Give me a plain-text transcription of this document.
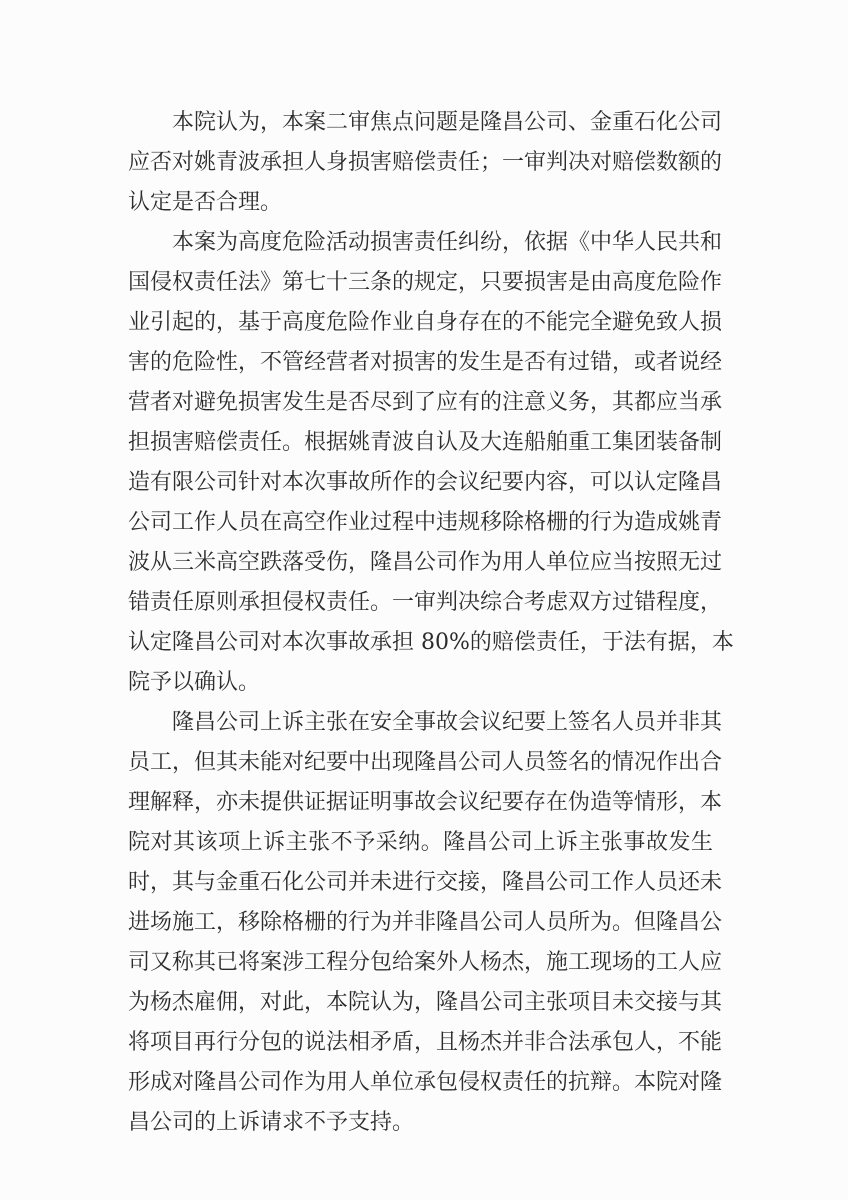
本院认为，本案二审焦点问题是隆昌公司、金重石化公司
应否对姚青波承担人身损害赔偿责任；一审判决对赔偿数额的
认定是否合理。
本案为高度危险活动损害责任纠纷，依据《中华人民共和
国侵权责任法》第七十三条的规定，只要损害是由高度危险作
业引起的，基于高度危险作业自身存在的不能完全避免致人损
害的危险性，不管经营者对损害的发生是否有过错，或者说经
营者对避免损害发生是否尽到了应有的注意义务，其都应当承
担损害赔偿责任。根据姚青波自认及大连船舶重工集团装备制
造有限公司针对本次事故所作的会议纪要内容，可以认定隆昌
公司工作人员在高空作业过程中违规移除格栅的行为造成姚青
波从三米高空跌落受伤，隆昌公司作为用人单位应当按照无过
错责任原则承担侵权责任。一审判决综合考虑双方过错程度，
认定隆昌公司对本次事故承担 80%的赔偿责任，于法有据，本
院予以确认。
隆昌公司上诉主张在安全事故会议纪要上签名人员并非其
员工，但其未能对纪要中出现隆昌公司人员签名的情况作出合
理解释，亦未提供证据证明事故会议纪要存在伪造等情形，本
院对其该项上诉主张不予采纳。隆昌公司上诉主张事故发生
时，其与金重石化公司并未进行交接，隆昌公司工作人员还未
进场施工，移除格栅的行为并非隆昌公司人员所为。但隆昌公
司又称其已将案涉工程分包给案外人杨杰，施工现场的工人应
为杨杰雇佣，对此，本院认为，隆昌公司主张项目未交接与其
将项目再行分包的说法相矛盾，且杨杰并非合法承包人，不能
形成对隆昌公司作为用人单位承包侵权责任的抗辩。本院对隆
昌公司的上诉请求不予支持。
